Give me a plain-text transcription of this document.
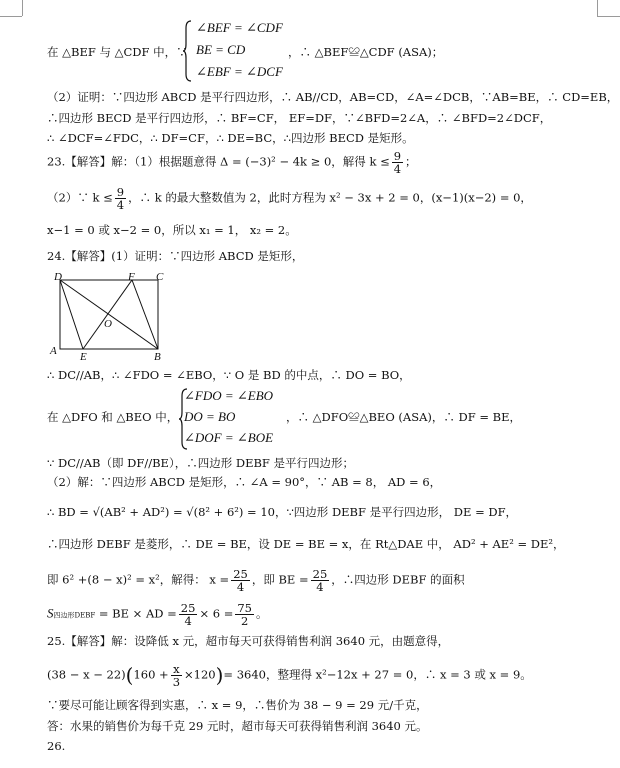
在 △BEF 与 △CDF 中，∵
∠BEF = ∠CDF
BE = CD
∠EBF = ∠DCF
，∴ △BEF≌△CDF (ASA)；
（2）证明：∵四边形 ABCD 是平行四边形，∴ AB//CD，AB=CD，∠A=∠DCB，∵AB=BE，∴ CD=EB，
∴四边形 BECD 是平行四边形，∴ BF=CF， EF=DF，∵∠BFD=2∠A，∴ ∠BFD=2∠DCF，
∴ ∠DCF=∠FDC，∴ DF=CF，∴ DE=BC，∴四边形 BECD 是矩形。
23.【解答】解：（1）根据题意得 Δ = (−3)² − 4k ≥ 0，解得 $k \le \frac{9}{4}$ ；
（2）∵ $k \le \frac{9}{4}$ ，∴ k 的最大整数值为 2，此时方程为 x² − 3x + 2 = 0，(x−1)(x−2) = 0，
x−1 = 0 或 x−2 = 0，所以 x₁ = 1， x₂ = 2。
24.【解答】(1）证明：∵四边形 ABCD 是矩形，
D	F C
O
A E	B
∴ DC//AB，∴ ∠FDO = ∠EBO，∵ O 是 BD 的中点，∴ DO = BO，
在 △DFO 和 △BEO 中，
∠FDO = ∠EBO
DO = BO
∠DOF = ∠BOE
，∴ △DFO≌△BEO (ASA)，∴ DF = BE，
∵ DC//AB（即 DF//BE），∴四边形 DEBF 是平行四边形；
（2）解：∵四边形 ABCD 是矩形，∴ ∠A = 90°，∵ AB = 8， AD = 6，
∴ BD = √(AB² + AD²) = √(8² + 6²) = 10，∵四边形 DEBF 是平行四边形， DE = DF，
∴四边形 DEBF 是菱形，∴ DE = BE，设 DE = BE = x，在 Rt△DAE 中， AD² + AE² = DE²，
即 6² +(8 − x)² = x²，解得： $x = \frac{25}{4}$ ，即 BE = $\frac{25}{4}$ ，∴四边形 DEBF 的面积
S四边形DEBF = BE × AD = $\frac{25}{4} \times 6 = \frac{75}{2}$ 。
25.【解答】解：设降低 x 元，超市每天可获得销售利润 3640 元，由题意得，
$(38 - x - 22)(160 + \frac{x}{3} \times 120)= 3640$，整理得 x²−12x + 27 = 0，∴ x = 3 或 x = 9。
∵要尽可能让顾客得到实惠，∴ x = 9，∴售价为 38 − 9 = 29 元/千克，
答：水果的销售价为每千克 29 元时，超市每天可获得销售利润 3640 元。
26.
